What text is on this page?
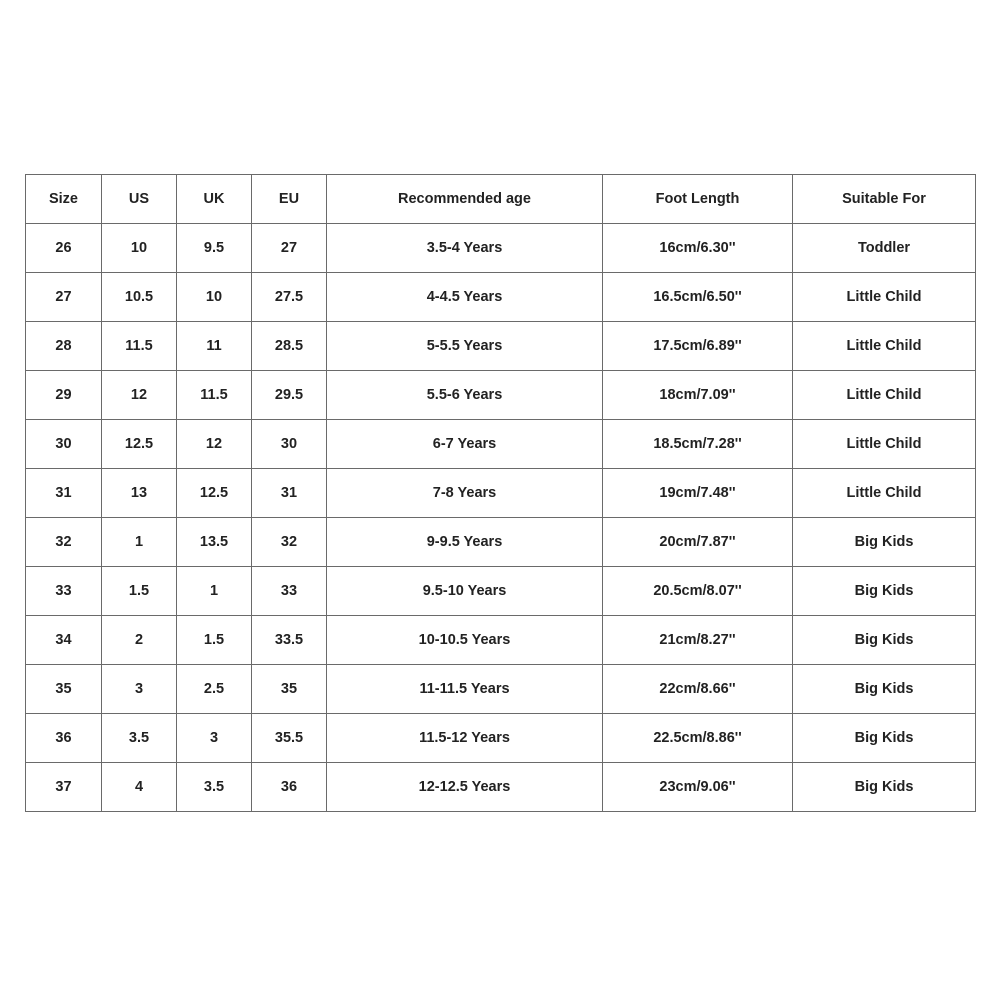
Size	US	UK	EU	Recommended age	Foot Length	Suitable For
26	10	9.5	27	3.5-4 Years	16cm/6.30''	Toddler
27	10.5	10	27.5	4-4.5 Years	16.5cm/6.50''	Little Child
28	11.5	11	28.5	5-5.5 Years	17.5cm/6.89''	Little Child
29	12	11.5	29.5	5.5-6 Years	18cm/7.09''	Little Child
30	12.5	12	30	6-7 Years	18.5cm/7.28''	Little Child
31	13	12.5	31	7-8 Years	19cm/7.48''	Little Child
32	1	13.5	32	9-9.5 Years	20cm/7.87''	Big Kids
33	1.5	1	33	9.5-10 Years	20.5cm/8.07''	Big Kids
34	2	1.5	33.5	10-10.5 Years	21cm/8.27''	Big Kids
35	3	2.5	35	11-11.5 Years	22cm/8.66''	Big Kids
36	3.5	3	35.5	11.5-12 Years	22.5cm/8.86''	Big Kids
37	4	3.5	36	12-12.5 Years	23cm/9.06''	Big Kids
